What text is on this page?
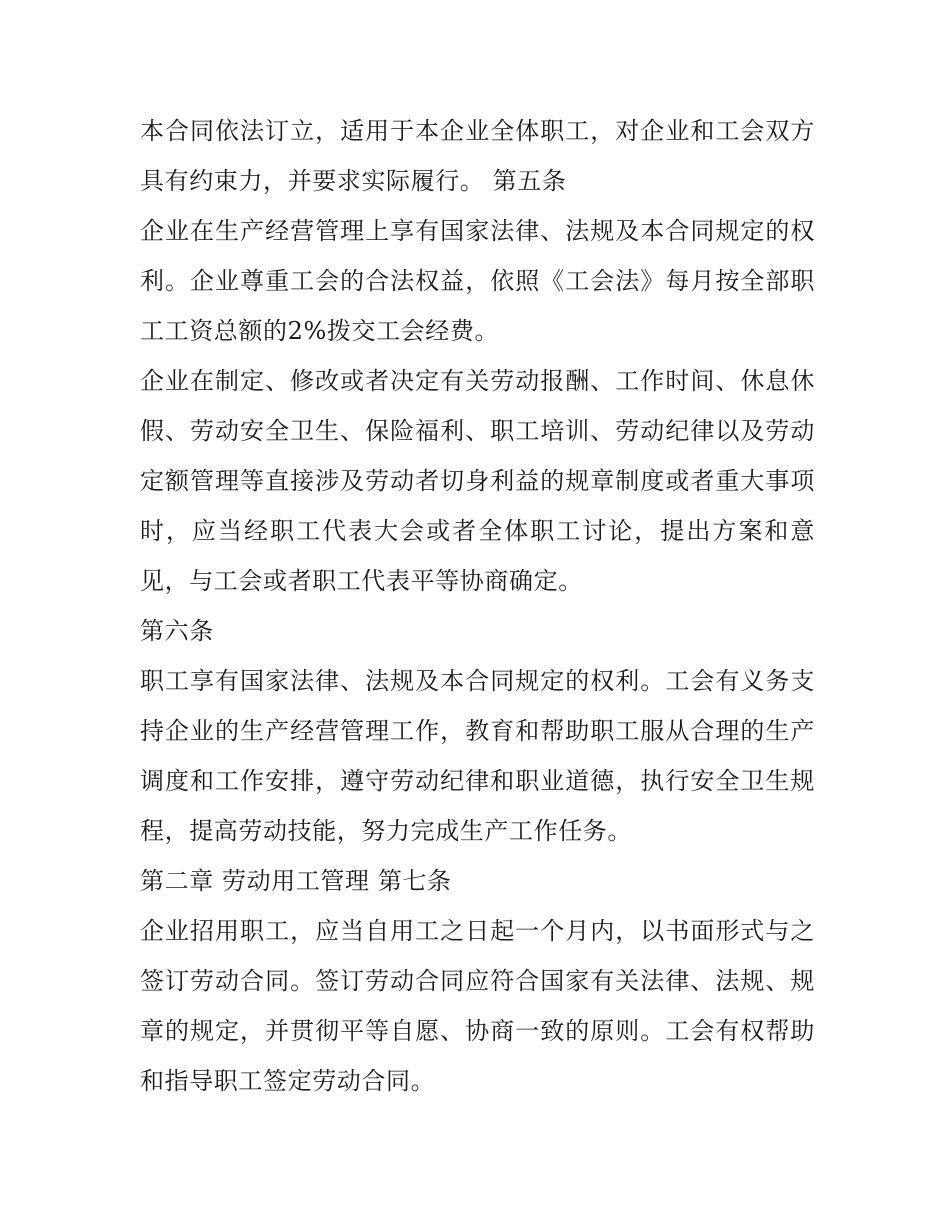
本合同依法订立，适用于本企业全体职工，对企业和工会双方具有约束力，并要求实际履行。 第五条

企业在生产经营管理上享有国家法律、法规及本合同规定的权利。企业尊重工会的合法权益，依照《工会法》每月按全部职工工资总额的2%拨交工会经费。

企业在制定、修改或者决定有关劳动报酬、工作时间、休息休假、劳动安全卫生、保险福利、职工培训、劳动纪律以及劳动定额管理等直接涉及劳动者切身利益的规章制度或者重大事项时，应当经职工代表大会或者全体职工讨论，提出方案和意见，与工会或者职工代表平等协商确定。

第六条

职工享有国家法律、法规及本合同规定的权利。工会有义务支持企业的生产经营管理工作，教育和帮助职工服从合理的生产调度和工作安排，遵守劳动纪律和职业道德，执行安全卫生规程，提高劳动技能，努力完成生产工作任务。

第二章 劳动用工管理 第七条

企业招用职工，应当自用工之日起一个月内，以书面形式与之签订劳动合同。签订劳动合同应符合国家有关法律、法规、规章的规定，并贯彻平等自愿、协商一致的原则。工会有权帮助和指导职工签定劳动合同。
